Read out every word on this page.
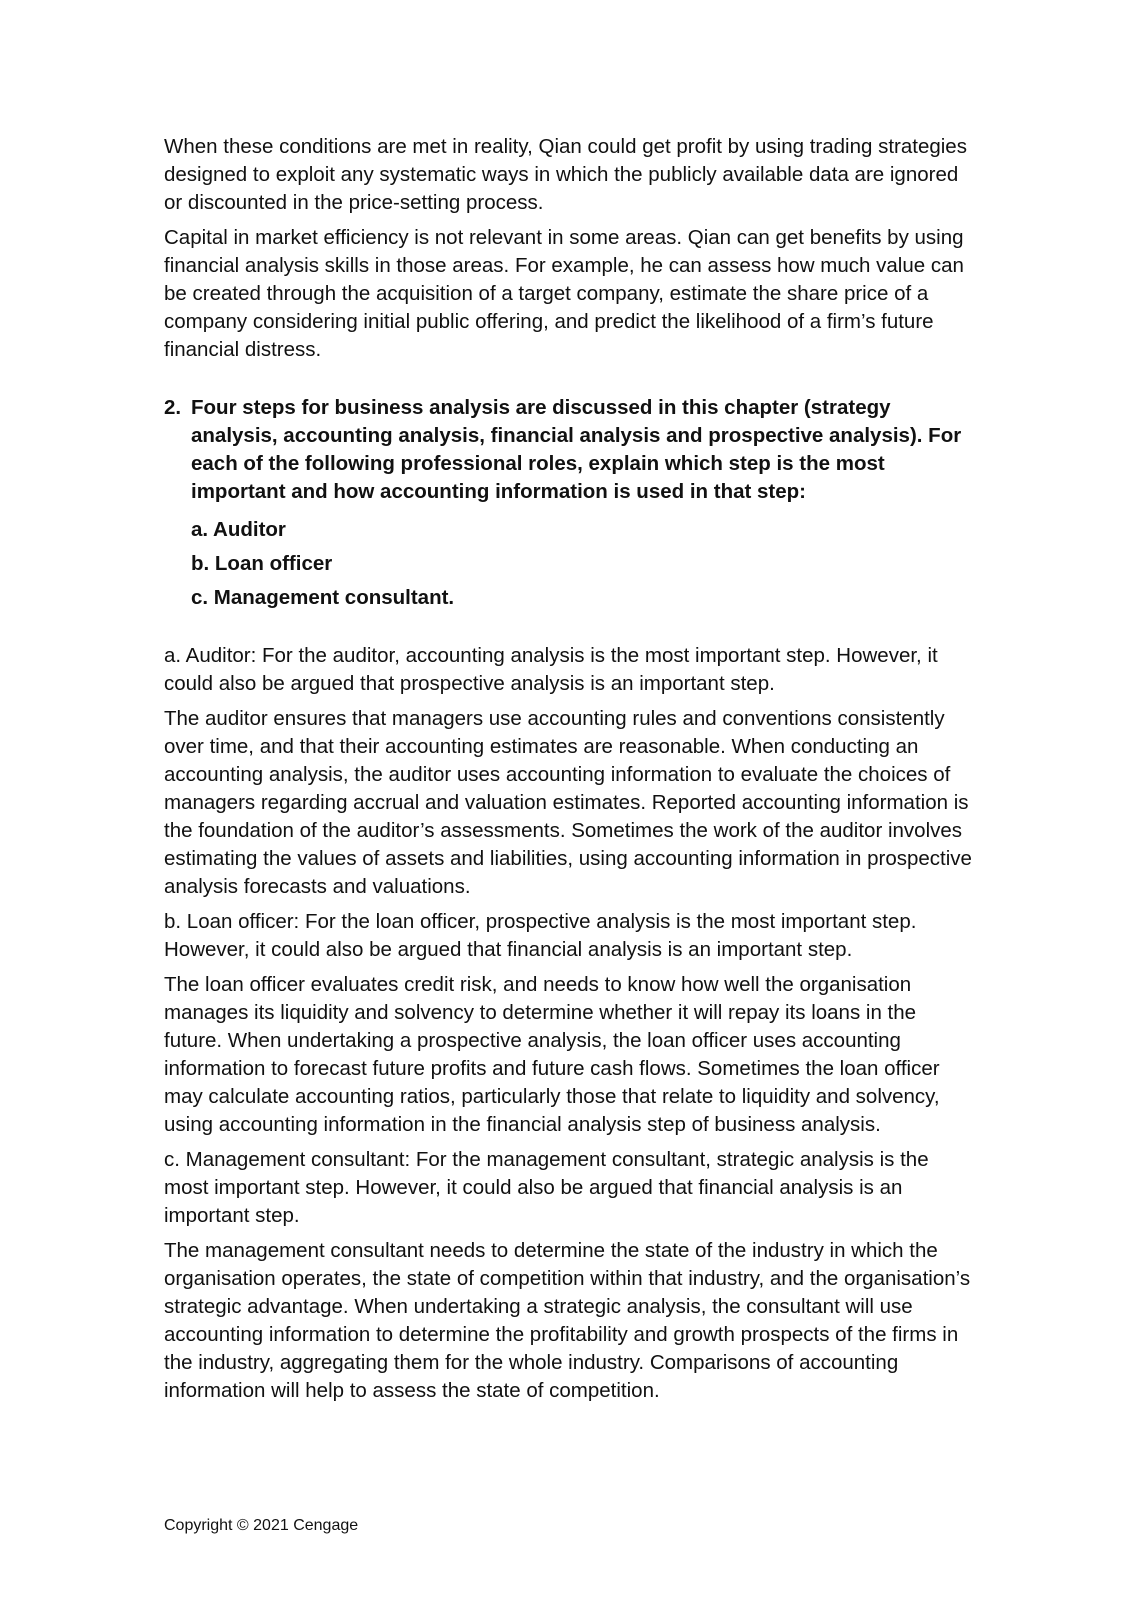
When these conditions are met in reality, Qian could get profit by using trading strategies designed to exploit any systematic ways in which the publicly available data are ignored or discounted in the price-setting process.

Capital in market efficiency is not relevant in some areas. Qian can get benefits by using financial analysis skills in those areas. For example, he can assess how much value can be created through the acquisition of a target company, estimate the share price of a company considering initial public offering, and predict the likelihood of a firm’s future financial distress.

2. Four steps for business analysis are discussed in this chapter (strategy analysis, accounting analysis, financial analysis and prospective analysis). For each of the following professional roles, explain which step is the most important and how accounting information is used in that step:
a. Auditor
b. Loan officer
c. Management consultant.

a. Auditor: For the auditor, accounting analysis is the most important step. However, it could also be argued that prospective analysis is an important step.

The auditor ensures that managers use accounting rules and conventions consistently over time, and that their accounting estimates are reasonable. When conducting an accounting analysis, the auditor uses accounting information to evaluate the choices of managers regarding accrual and valuation estimates. Reported accounting information is the foundation of the auditor’s assessments. Sometimes the work of the auditor involves estimating the values of assets and liabilities, using accounting information in prospective analysis forecasts and valuations.

b. Loan officer: For the loan officer, prospective analysis is the most important step. However, it could also be argued that financial analysis is an important step.

The loan officer evaluates credit risk, and needs to know how well the organisation manages its liquidity and solvency to determine whether it will repay its loans in the future. When undertaking a prospective analysis, the loan officer uses accounting information to forecast future profits and future cash flows. Sometimes the loan officer may calculate accounting ratios, particularly those that relate to liquidity and solvency, using accounting information in the financial analysis step of business analysis.

c. Management consultant: For the management consultant, strategic analysis is the most important step. However, it could also be argued that financial analysis is an important step.

The management consultant needs to determine the state of the industry in which the organisation operates, the state of competition within that industry, and the organisation’s strategic advantage. When undertaking a strategic analysis, the consultant will use accounting information to determine the profitability and growth prospects of the firms in the industry, aggregating them for the whole industry. Comparisons of accounting information will help to assess the state of competition.

Copyright © 2021 Cengage
